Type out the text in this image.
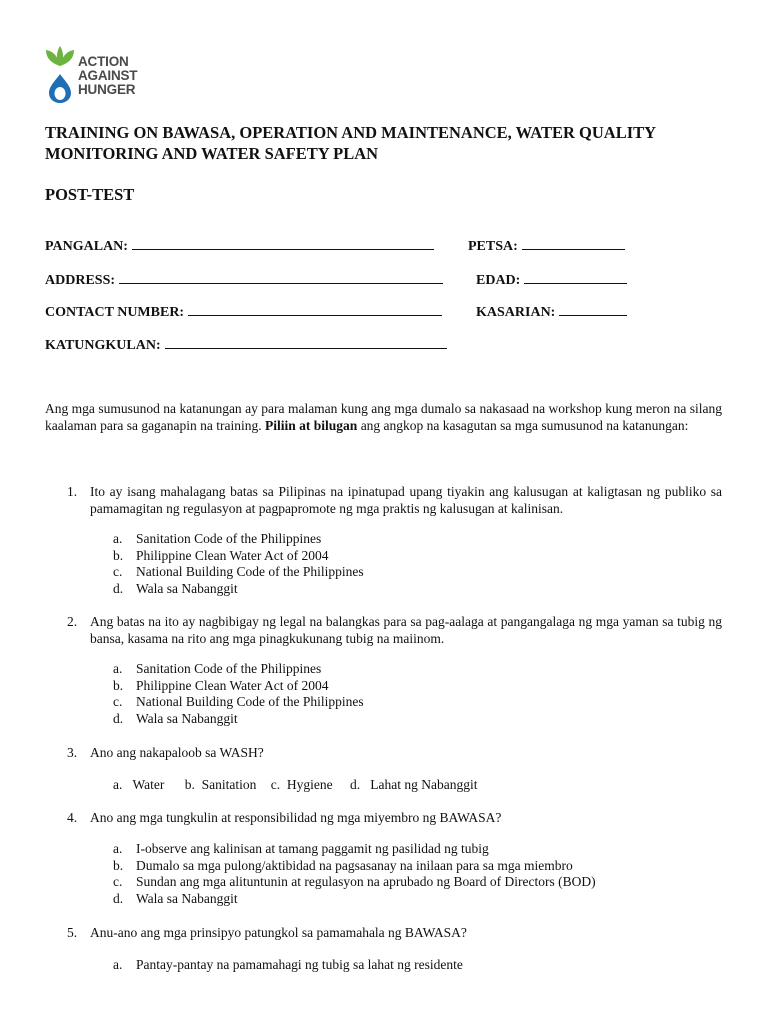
ACTION
AGAINST
HUNGER
TRAINING ON BAWASA, OPERATION AND MAINTENANCE, WATER QUALITY MONITORING AND WATER SAFETY PLAN
POST-TEST
PANGALAN:	PETSA:
ADDRESS:	EDAD:
CONTACT NUMBER:	KASARIAN:
KATUNGKULAN:
Ang mga sumusunod na katanungan ay para malaman kung ang mga dumalo sa nakasaad na workshop kung meron na silang kaalaman para sa gaganapin na training. Piliin at bilugan ang angkop na kasagutan sa mga sumusunod na katanungan:
1. Ito ay isang mahalagang batas sa Pilipinas na ipinatupad upang tiyakin ang kalusugan at kaligtasan ng publiko sa pamamagitan ng regulasyon at pagpapromote ng mga praktis ng kalusugan at kalinisan.
a. Sanitation Code of the Philippines
b. Philippine Clean Water Act of 2004
c. National Building Code of the Philippines
d. Wala sa Nabanggit
2. Ang batas na ito ay nagbibigay ng legal na balangkas para sa pag-aalaga at pangangalaga ng mga yaman sa tubig ng bansa, kasama na rito ang mga pinagkukunang tubig na maiinom.
a. Sanitation Code of the Philippines
b. Philippine Clean Water Act of 2004
c. National Building Code of the Philippines
d. Wala sa Nabanggit
3. Ano ang nakapaloob sa WASH?
a. Water b. Sanitation c. Hygiene d. Lahat ng Nabanggit
4. Ano ang mga tungkulin at responsibilidad ng mga miyembro ng BAWASA?
a. I-observe ang kalinisan at tamang paggamit ng pasilidad ng tubig
b. Dumalo sa mga pulong/aktibidad na pagsasanay na inilaan para sa mga miembro
c. Sundan ang mga alituntunin at regulasyon na aprubado ng Board of Directors (BOD)
d. Wala sa Nabanggit
5. Anu-ano ang mga prinsipyo patungkol sa pamamahala ng BAWASA?
a. Pantay-pantay na pamamahagi ng tubig sa lahat ng residente
